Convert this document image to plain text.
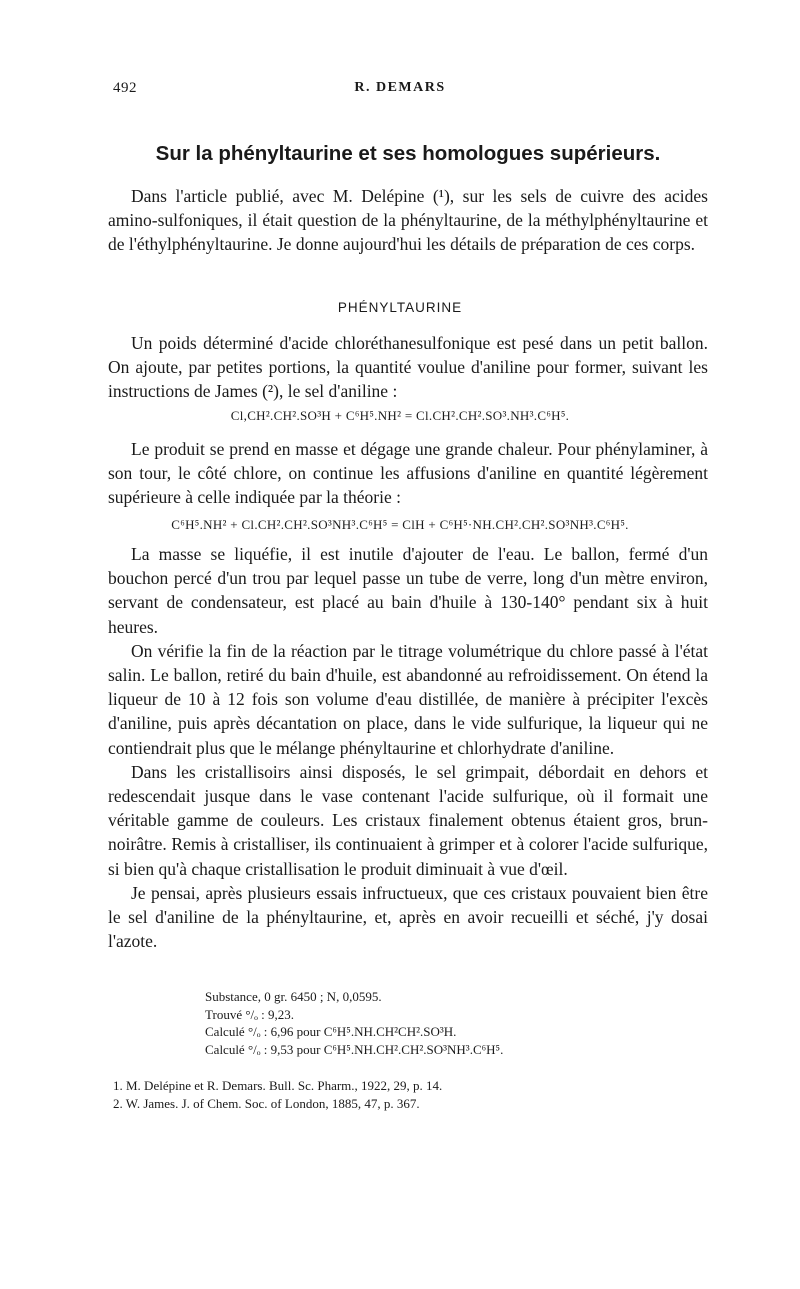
492	R. DEMARS
Sur la phényltaurine et ses homologues supérieurs.

Dans l'article publié, avec M. Delépine (¹), sur les sels de cuivre des acides amino-sulfoniques, il était question de la phényltaurine, de la méthylphényltaurine et de l'éthylphényltaurine. Je donne aujourd'hui les détails de préparation de ces corps.

PHÉNYLTAURINE

Un poids déterminé d'acide chloréthanesulfonique est pesé dans un petit ballon. On ajoute, par petites portions, la quantité voulue d'aniline pour former, suivant les instructions de James (²), le sel d'aniline :

Cl,CH².CH².SO³H + C⁶H⁵.NH² = Cl.CH².CH².SO³.NH³.C⁶H⁵.

Le produit se prend en masse et dégage une grande chaleur. Pour phénylaminer, à son tour, le côté chlore, on continue les affusions d'aniline en quantité légèrement supérieure à celle indiquée par la théorie :

C⁶H⁵.NH² + Cl.CH².CH².SO³NH³.C⁶H⁵ = ClH + C⁶H⁵·NH.CH².CH².SO³NH³.C⁶H⁵.

La masse se liquéfie, il est inutile d'ajouter de l'eau. Le ballon, fermé d'un bouchon percé d'un trou par lequel passe un tube de verre, long d'un mètre environ, servant de condensateur, est placé au bain d'huile à 130-140° pendant six à huit heures.

On vérifie la fin de la réaction par le titrage volumétrique du chlore passé à l'état salin. Le ballon, retiré du bain d'huile, est abandonné au refroidissement. On étend la liqueur de 10 à 12 fois son volume d'eau distillée, de manière à précipiter l'excès d'aniline, puis après décantation on place, dans le vide sulfurique, la liqueur qui ne contiendrait plus que le mélange phényltaurine et chlorhydrate d'aniline.

Dans les cristallisoirs ainsi disposés, le sel grimpait, débordait en dehors et redescendait jusque dans le vase contenant l'acide sulfurique, où il formait une véritable gamme de couleurs. Les cristaux finalement obtenus étaient gros, brun-noirâtre. Remis à cristalliser, ils continuaient à grimper et à colorer l'acide sulfurique, si bien qu'à chaque cristallisation le produit diminuait à vue d'œil.

Je pensai, après plusieurs essais infructueux, que ces cristaux pouvaient bien être le sel d'aniline de la phényltaurine, et, après en avoir recueilli et séché, j'y dosai l'azote.

Substance, 0 gr. 6450 ; N, 0,0595.
Trouvé °/ₒ : 9,23.
Calculé °/ₒ : 6,96 pour C⁶H⁵.NH.CH²CH².SO³H.
Calculé °/ₒ : 9,53 pour C⁶H⁵.NH.CH².CH².SO³NH³.C⁶H⁵.
1. M. Delépine et R. Demars. Bull. Sc. Pharm., 1922, 29, p. 14.
2. W. James. J. of Chem. Soc. of London, 1885, 47, p. 367.
